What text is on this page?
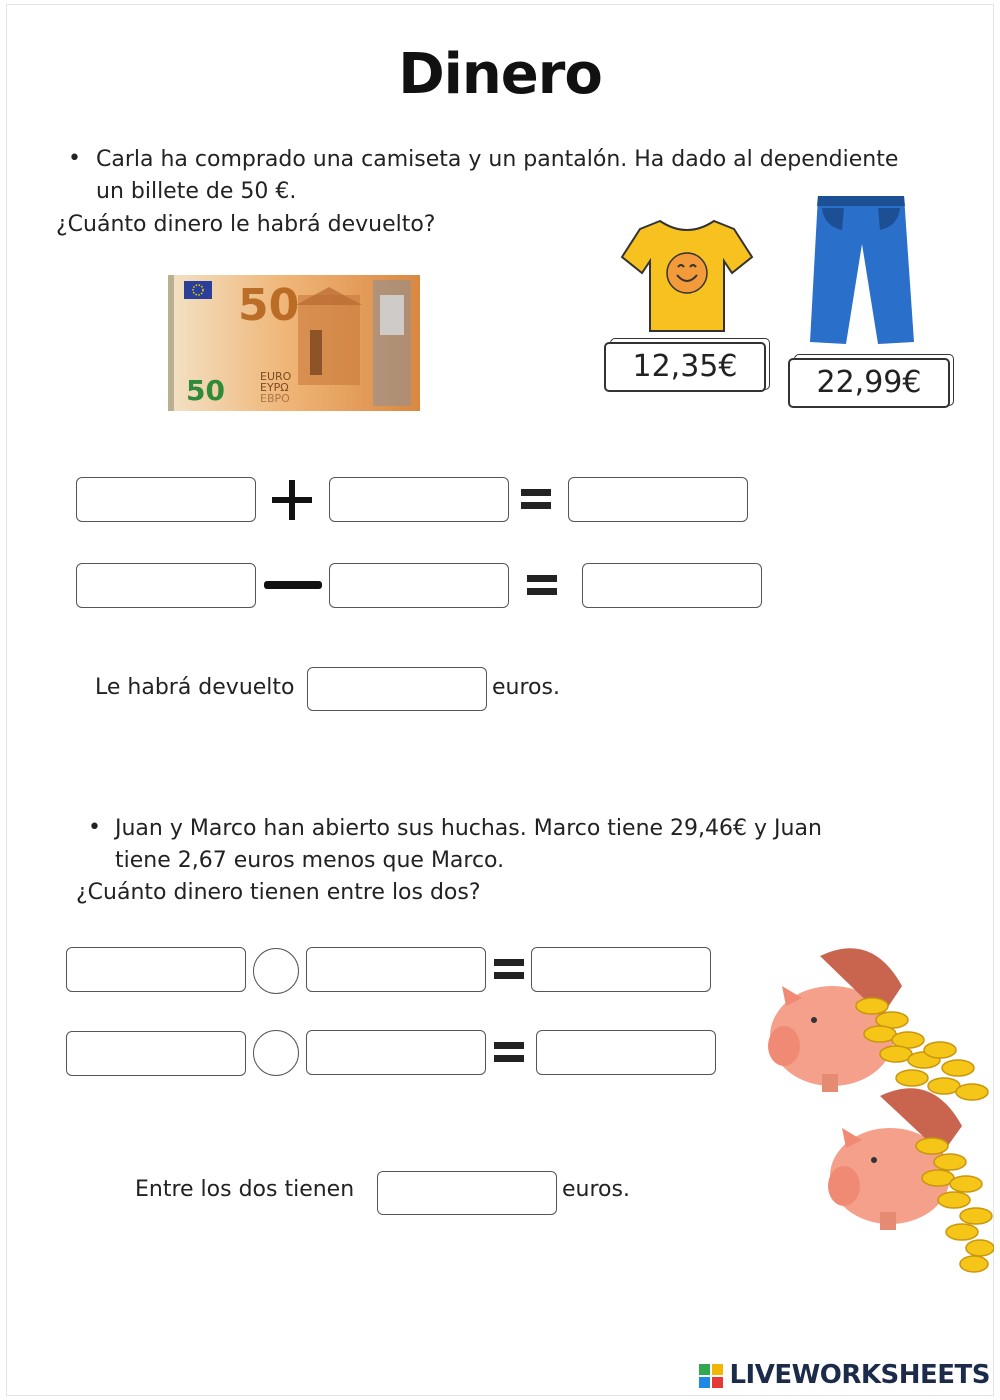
Dinero
• Carla ha comprado una camiseta y un pantalón. Ha dado al dependiente
un billete de 50 €.
¿Cuánto dinero le habrá devuelto?
50
50	EURO
EYPΩ
ЕВРО
12,35€	22,99€
Le habrá devuelto	euros.
• Juan y Marco han abierto sus huchas. Marco tiene 29,46€ y Juan
tiene 2,67 euros menos que Marco.
¿Cuánto dinero tienen entre los dos?
Entre los dos tienen	euros.
LIVEWORKSHEETS
